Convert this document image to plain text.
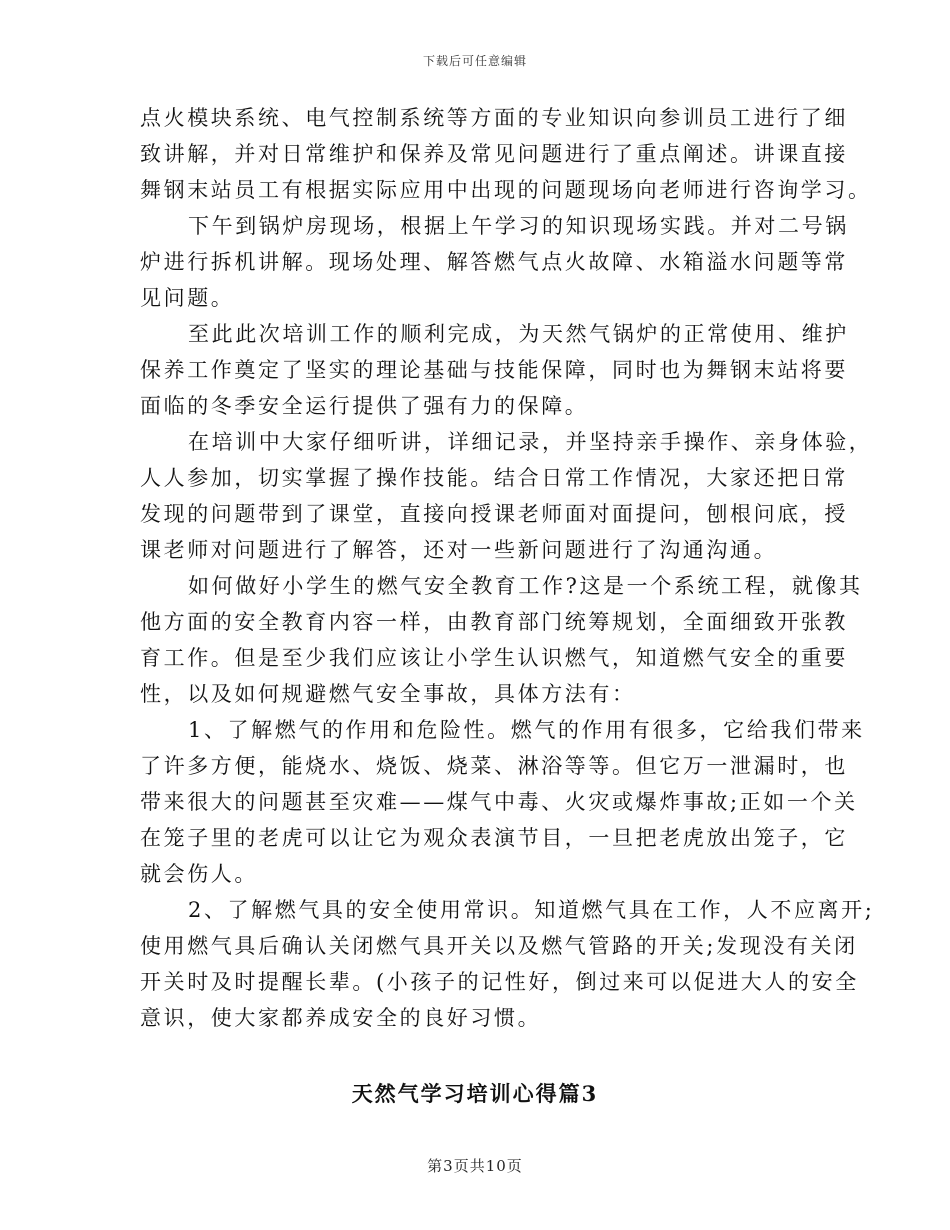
下载后可任意编辑
点火模块系统、电气控制系统等方面的专业知识向参训员工进行了细
致讲解，并对日常维护和保养及常见问题进行了重点阐述。讲课直接
舞钢末站员工有根据实际应用中出现的问题现场向老师进行咨询学习。
下午到锅炉房现场，根据上午学习的知识现场实践。并对二号锅
炉进行拆机讲解。现场处理、解答燃气点火故障、水箱溢水问题等常
见问题。
至此此次培训工作的顺利完成，为天然气锅炉的正常使用、维护
保养工作奠定了坚实的理论基础与技能保障，同时也为舞钢末站将要
面临的冬季安全运行提供了强有力的保障。
在培训中大家仔细听讲，详细记录，并坚持亲手操作、亲身体验，
人人参加，切实掌握了操作技能。结合日常工作情况，大家还把日常
发现的问题带到了课堂，直接向授课老师面对面提问，刨根问底，授
课老师对问题进行了解答，还对一些新问题进行了沟通沟通。
如何做好小学生的燃气安全教育工作?这是一个系统工程，就像其
他方面的安全教育内容一样，由教育部门统筹规划，全面细致开张教
育工作。但是至少我们应该让小学生认识燃气，知道燃气安全的重要
性，以及如何规避燃气安全事故，具体方法有：
1、了解燃气的作用和危险性。燃气的作用有很多，它给我们带来
了许多方便，能烧水、烧饭、烧菜、淋浴等等。但它万一泄漏时，也
带来很大的问题甚至灾难——煤气中毒、火灾或爆炸事故;正如一个关
在笼子里的老虎可以让它为观众表演节目，一旦把老虎放出笼子，它
就会伤人。
2、了解燃气具的安全使用常识。知道燃气具在工作，人不应离开;
使用燃气具后确认关闭燃气具开关以及燃气管路的开关;发现没有关闭
开关时及时提醒长辈。(小孩子的记性好，倒过来可以促进大人的安全
意识，使大家都养成安全的良好习惯。
天然气学习培训心得篇3
第3页共10页
